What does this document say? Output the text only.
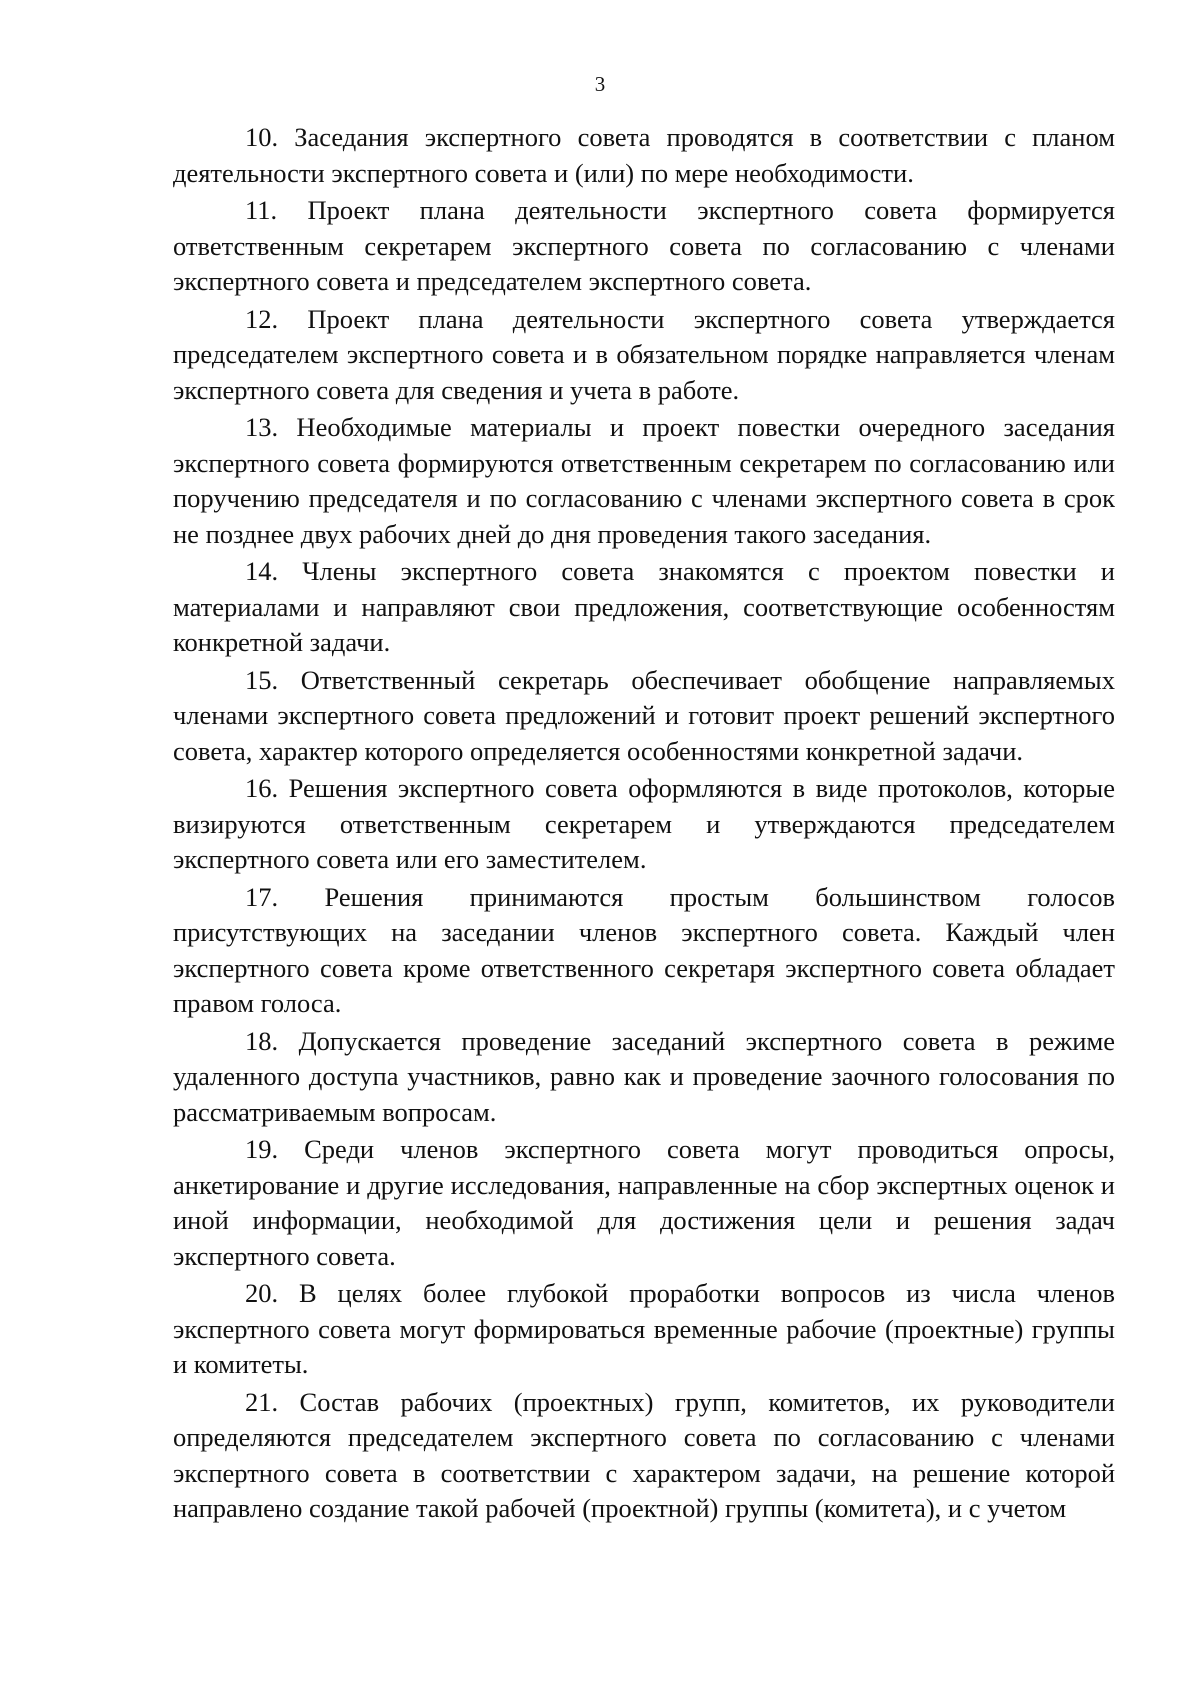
3

10. Заседания экспертного совета проводятся в соответствии с планом деятельности экспертного совета и (или) по мере необходимости.

11. Проект плана деятельности экспертного совета формируется ответственным секретарем экспертного совета по согласованию с членами экспертного совета и председателем экспертного совета.

12. Проект плана деятельности экспертного совета утверждается председателем экспертного совета и в обязательном порядке направляется членам экспертного совета для сведения и учета в работе.

13. Необходимые материалы и проект повестки очередного заседания экспертного совета формируются ответственным секретарем по согласованию или поручению председателя и по согласованию с членами экспертного совета в срок не позднее двух рабочих дней до дня проведения такого заседания.

14. Члены экспертного совета знакомятся с проектом повестки и материалами и направляют свои предложения, соответствующие особенностям конкретной задачи.

15. Ответственный секретарь обеспечивает обобщение направляемых членами экспертного совета предложений и готовит проект решений экспертного совета, характер которого определяется особенностями конкретной задачи.

16. Решения экспертного совета оформляются в виде протоколов, которые визируются ответственным секретарем и утверждаются председателем экспертного совета или его заместителем.

17. Решения принимаются простым большинством голосов присутствующих на заседании членов экспертного совета. Каждый член экспертного совета кроме ответственного секретаря экспертного совета обладает правом голоса.

18. Допускается проведение заседаний экспертного совета в режиме удаленного доступа участников, равно как и проведение заочного голосования по рассматриваемым вопросам.

19. Среди членов экспертного совета могут проводиться опросы, анкетирование и другие исследования, направленные на сбор экспертных оценок и иной информации, необходимой для достижения цели и решения задач экспертного совета.

20. В целях более глубокой проработки вопросов из числа членов экспертного совета могут формироваться временные рабочие (проектные) группы и комитеты.

21. Состав рабочих (проектных) групп, комитетов, их руководители определяются председателем экспертного совета по согласованию с членами экспертного совета в соответствии с характером задачи, на решение которой направлено создание такой рабочей (проектной) группы (комитета), и с учетом
